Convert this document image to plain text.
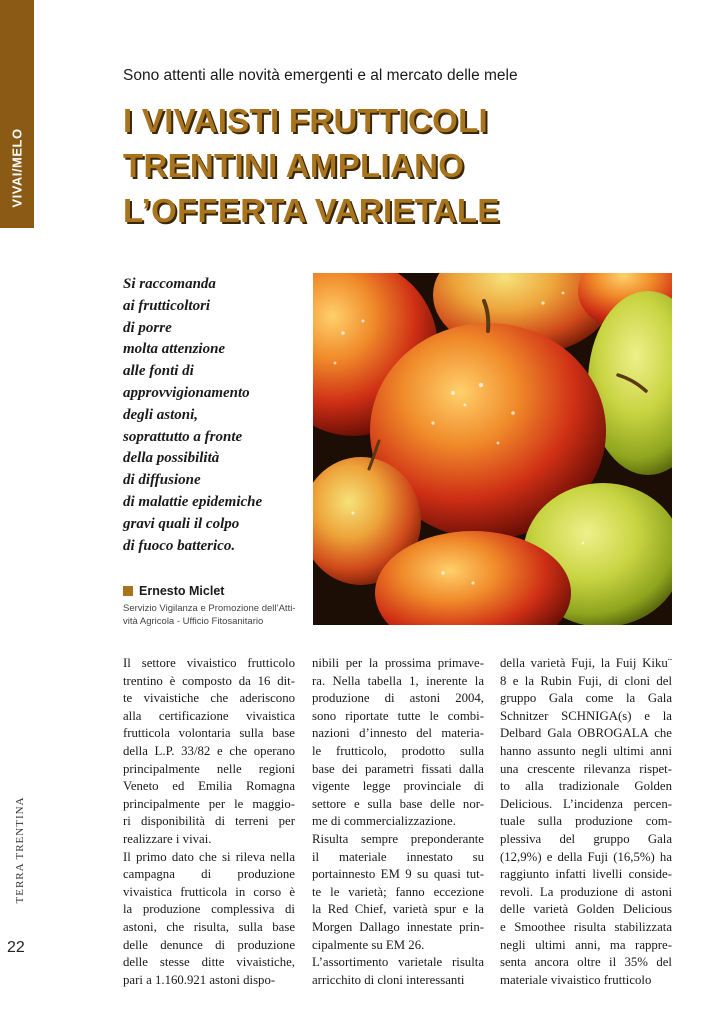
VIVAI/MELO
Sono attenti alle novità emergenti e al mercato delle mele
I VIVAISTI FRUTTICOLI
TRENTINI AMPLIANO
L’OFFERTA VARIETALE
Si raccomanda
ai frutticoltori
di porre
molta attenzione
alle fonti di
approvvigionamento
degli astoni,
soprattutto a fronte
della possibilità
di diffusione
di malattie epidemiche
gravi quali il colpo
di fuoco batterico.
Ernesto Miclet
Servizio Vigilanza e Promozione dell’Atti-
vità Agricola - Ufficio Fitosanitario
Il settore vivaistico frutticolo
trentino è composto da 16 dit-
te vivaistiche che aderiscono
alla certificazione vivaistica
frutticola volontaria sulla base
della L.P. 33/82 e che operano
principalmente nelle regioni
Veneto ed Emilia Romagna
principalmente per le maggio-
ri disponibilità di terreni per
realizzare i vivai.
Il primo dato che si rileva nella
campagna di produzione
vivaistica frutticola in corso è
la produzione complessiva di
astoni, che risulta, sulla base
delle denunce di produzione
delle stesse ditte vivaistiche,
pari a 1.160.921 astoni dispo-
nibili per la prossima primave-
ra. Nella tabella 1, inerente la
produzione di astoni 2004,
sono riportate tutte le combi-
nazioni d’innesto del materia-
le frutticolo, prodotto sulla
base dei parametri fissati dalla
vigente legge provinciale di
settore e sulla base delle nor-
me di commercializzazione.
Risulta sempre preponderante
il materiale innestato su
portainnesto EM 9 su quasi tut-
te le varietà; fanno eccezione
la Red Chief, varietà spur e la
Morgen Dallago innestate prin-
cipalmente su EM 26.
L’assortimento varietale risulta
arricchito di cloni interessanti
della varietà Fuji, la Fuij Kiku¨
8 e la Rubin Fuji, di cloni del
gruppo Gala come la Gala
Schnitzer SCHNIGA(s) e la
Delbard Gala OBROGALA che
hanno assunto negli ultimi anni
una crescente rilevanza rispet-
to alla tradizionale Golden
Delicious. L’incidenza percen-
tuale sulla produzione com-
plessiva del gruppo Gala
(12,9%) e della Fuji (16,5%) ha
raggiunto infatti livelli conside-
revoli. La produzione di astoni
delle varietà Golden Delicious
e Smoothee risulta stabilizzata
negli ultimi anni, ma rappre-
senta ancora oltre il 35% del
materiale vivaistico frutticolo
TERRA TRENTINA
22
